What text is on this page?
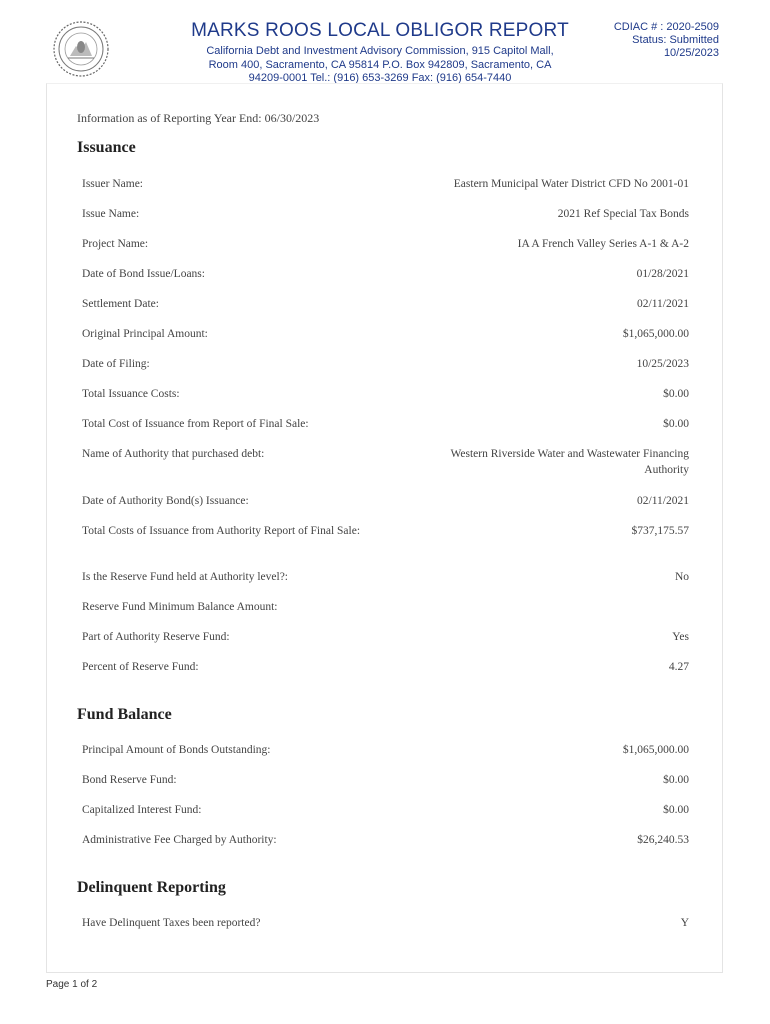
MARKS ROOS LOCAL OBLIGOR REPORT
California Debt and Investment Advisory Commission, 915 Capitol Mall,
Room 400, Sacramento, CA 95814 P.O. Box 942809, Sacramento, CA
94209-0001 Tel.: (916) 653-3269 Fax: (916) 654-7440
CDIAC # : 2020-2509
Status: Submitted
10/25/2023
Information as of Reporting Year End: 06/30/2023
Issuance
Issuer Name:	Eastern Municipal Water District CFD No 2001-01
Issue Name:	2021 Ref Special Tax Bonds
Project Name:	IA A French Valley Series A-1 & A-2
Date of Bond Issue/Loans:	01/28/2021
Settlement Date:	02/11/2021
Original Principal Amount:	$1,065,000.00
Date of Filing:	10/25/2023
Total Issuance Costs:	$0.00
Total Cost of Issuance from Report of Final Sale:	$0.00
Name of Authority that purchased debt:	Western Riverside Water and Wastewater Financing Authority
Date of Authority Bond(s) Issuance:	02/11/2021
Total Costs of Issuance from Authority Report of Final Sale:	$737,175.57
Is the Reserve Fund held at Authority level?:	No
Reserve Fund Minimum Balance Amount:
Part of Authority Reserve Fund:	Yes
Percent of Reserve Fund:	4.27
Fund Balance
Principal Amount of Bonds Outstanding:	$1,065,000.00
Bond Reserve Fund:	$0.00
Capitalized Interest Fund:	$0.00
Administrative Fee Charged by Authority:	$26,240.53
Delinquent Reporting
Have Delinquent Taxes been reported?	Y
Page 1 of 2
